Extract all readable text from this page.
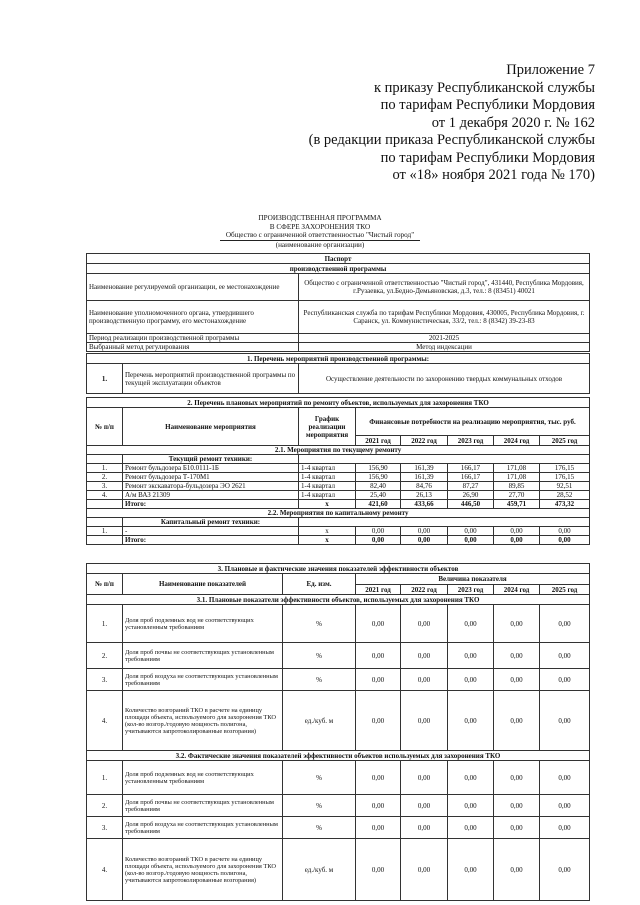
Приложение 7
к приказу Республиканской службы
по тарифам Республики Мордовия
от 1 декабря 2020 г. № 162
(в редакции приказа Республиканской службы
по тарифам Республики Мордовия
от «18» ноября 2021 года № 170)
ПРОИЗВОДСТВЕННАЯ ПРОГРАММА
В СФЕРЕ ЗАХОРОНЕНИЯ ТКО
Общество с ограниченной ответственностью "Чистый город"
(наименование организации)
Паспорт	
производственной программы	
Наименование регулируемой организации, ее местонахождение	Общество с ограниченной ответственностью "Чистый город", 431440, Республика Мордовия, г.Рузаевка, ул.Бедно-Демьяновская, д.3, тел.: 8 (83451) 40021
Наименование уполномоченного органа, утвердившего производственную программу, его местонахождение	Республиканская служба по тарифам Республики Мордовия, 430005, Республика Мордовия, г. Саранск, ул. Коммунистическая, 33/2, тел.: 8 (8342) 39-23-83
Период реализации производственной программы	2021-2025
Выбранный метод регулирования	Метод индексации
1. Перечень мероприятий производственной программы:
1.	Перечень мероприятий производственной программы по текущей эксплуатации объектов	Осуществление деятельности по захоронению твердых коммунальных отходов
2. Перечень плановых мероприятий по ремонту объектов, используемых для захоронения ТКО							
№ п/п	Наименование мероприятия	График реализации мероприятия	Финансовые потребности на реализацию мероприятия, тыс. руб.				
			2021 год	2022 год	2023 год	2024 год	2025 год
2.1. Мероприятия по текущему ремонту							
	Текущий ремонт техники:						
1.	Ремонт бульдозера Б10.0111-1Б	1-4 квартал	156,90	161,39	166,17	171,08	176,15
2.	Ремонт бульдозера Т-170М1	1-4 квартал	156,90	161,39	166,17	171,08	176,15
3.	Ремонт экскаватора-бульдозера ЭО 2621	1-4 квартал	82,40	84,76	87,27	89,85	92,51
4.	А/м ВАЗ 21309	1-4 квартал	25,40	26,13	26,90	27,70	28,52
	Итого:	х	421,60	433,66	446,50	459,71	473,32
2.2. Мероприятия по капитальному ремонту							
	Капитальный ремонт техники:						
1.	-	х	0,00	0,00	0,00	0,00	0,00
	Итого:	х	0,00	0,00	0,00	0,00	0,00
3. Плановые и фактические значения показателей эффективности объектов							
№ п/п	Наименование показателей	Ед. изм.	Величина показателя				
			2021 год	2022 год	2023 год	2024 год	2025 год
3.1. Плановые показатели эффективности объектов, используемых для захоронения ТКО							
1.	Доля проб подземных вод не соответствующих установленным требованиям	%	0,00	0,00	0,00	0,00	0,00
2.	Доля проб почвы не соответствующих установленным требованиям	%	0,00	0,00	0,00	0,00	0,00
3.	Доля проб воздуха не соответствующих установленным требованиям	%	0,00	0,00	0,00	0,00	0,00
4.	Количество возгораний ТКО в расчете на единицу площади объекта, используемого для захоронения ТКО (кол-во возгор./годовую мощность полигона, учитываются запротоколированные возгорания)	ед./куб. м	0,00	0,00	0,00	0,00	0,00
3.2. Фактические значения показателей эффективности объектов используемых для захоронения ТКО							
1.	Доля проб подземных вод не соответствующих установленным требованиям	%	0,00	0,00	0,00	0,00	0,00
2.	Доля проб почвы не соответствующих установленным требованиям	%	0,00	0,00	0,00	0,00	0,00
3.	Доля проб воздуха не соответствующих установленным требованиям	%	0,00	0,00	0,00	0,00	0,00
4.	Количество возгораний ТКО в расчете на единицу площади объекта, используемого для захоронения ТКО (кол-во возгор./годовую мощность полигона, учитываются запротоколированные возгорания)	ед./куб. м	0,00	0,00	0,00	0,00	0,00
